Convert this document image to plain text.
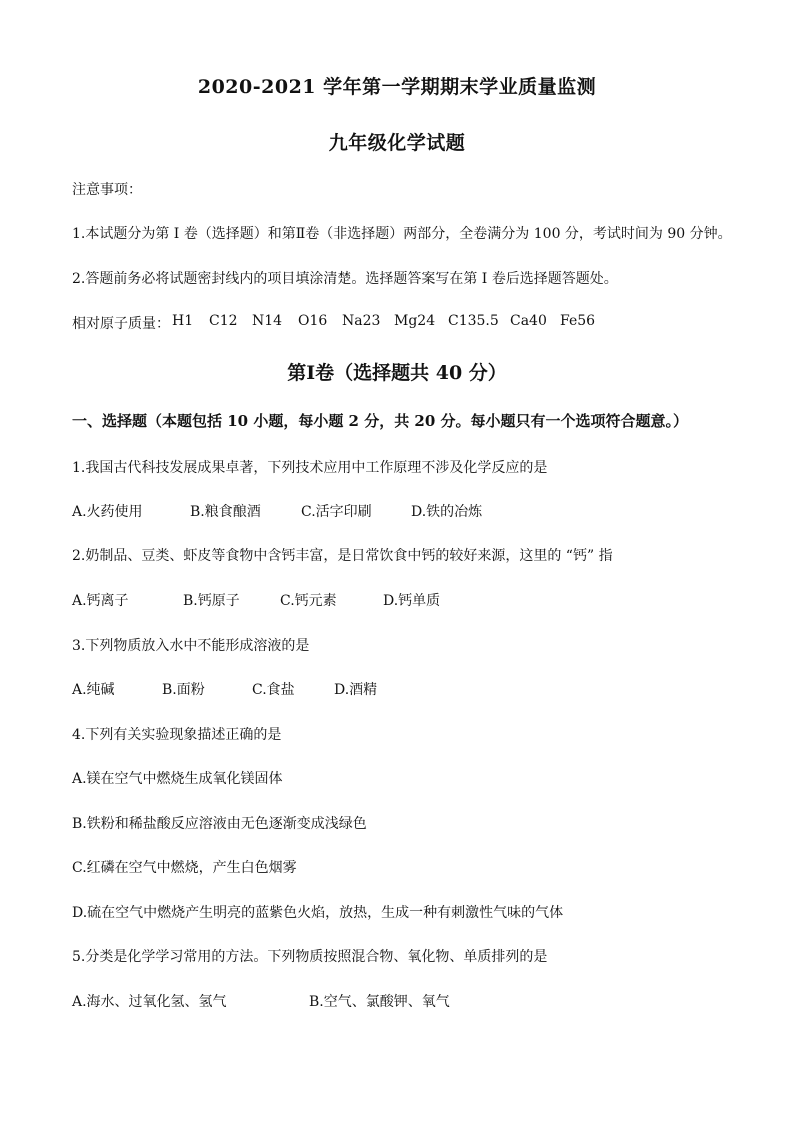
2020-2021 学年第一学期期末学业质量监测
九年级化学试题
注意事项：
1.本试题分为第 I 卷（选择题）和第Ⅱ卷（非选择题）两部分，全卷满分为 100 分，考试时间为 90 分钟。
2.答题前务必将试题密封线内的项目填涂清楚。选择题答案写在第 I 卷后选择题答题处。
相对原子质量： H1 C12 N14 O16 Na23 Mg24 C135.5 Ca40 Fe56
第Ⅰ卷（选择题共 40 分）
一、选择题（本题包括 10 小题，每小题 2 分，共 20 分。每小题只有一个选项符合题意。）
1.我国古代科技发展成果卓著，下列技术应用中工作原理不涉及化学反应的是
A.火药使用	B.粮食酿酒	C.活字印刷	D.铁的冶炼
2.奶制品、豆类、虾皮等食物中含钙丰富，是日常饮食中钙的较好来源，这里的 “钙” 指
A.钙离子	B.钙原子	C.钙元素	D.钙单质
3.下列物质放入水中不能形成溶液的是
A.纯碱	B.面粉	C.食盐	D.酒精
4.下列有关实验现象描述正确的是
A.镁在空气中燃烧生成氧化镁固体
B.铁粉和稀盐酸反应溶液由无色逐渐变成浅绿色
C.红磷在空气中燃烧，产生白色烟雾
D.硫在空气中燃烧产生明亮的蓝紫色火焰，放热，生成一种有刺激性气味的气体
5.分类是化学学习常用的方法。下列物质按照混合物、氧化物、单质排列的是
A.海水、过氧化氢、氢气	B.空气、氯酸钾、氧气
